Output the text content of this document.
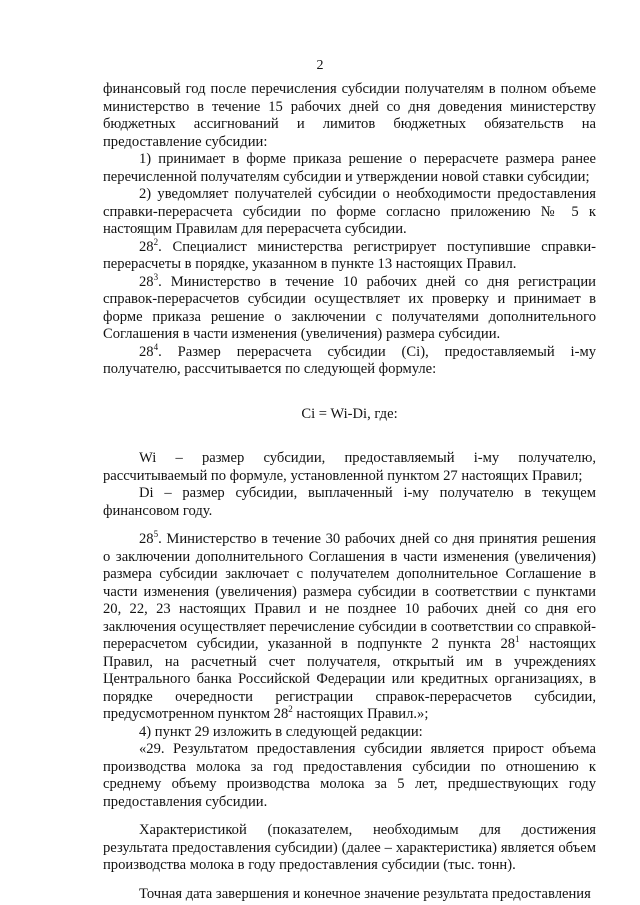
2

финансовый год после перечисления субсидии получателям в полном объеме министерство в течение 15 рабочих дней со дня доведения министерству бюджетных ассигнований и лимитов бюджетных обязательств на предоставление субсидии:

1) принимает в форме приказа решение о перерасчете размера ранее перечисленной получателям субсидии и утверждении новой ставки субсидии;

2) уведомляет получателей субсидии о необходимости предоставления справки-перерасчета субсидии по форме согласно приложению № 5 к настоящим Правилам для перерасчета субсидии.

$28^2$. Специалист министерства регистрирует поступившие справки-перерасчеты в порядке, указанном в пункте 13 настоящих Правил.

$28^3$. Министерство в течение 10 рабочих дней со дня регистрации справок-перерасчетов субсидии осуществляет их проверку и принимает в форме приказа решение о заключении с получателями дополнительного Соглашения в части изменения (увеличения) размера субсидии.

$28^4$. Размер перерасчета субсидии (Ci), предоставляемый i-му получателю, рассчитывается по следующей формуле:

Ci = Wi-Di, где:

Wi – размер субсидии, предоставляемый i-му получателю, рассчитываемый по формуле, установленной пунктом 27 настоящих Правил;

Di – размер субсидии, выплаченный i-му получателю в текущем финансовом году.

$28^5$. Министерство в течение 30 рабочих дней со дня принятия решения о заключении дополнительного Соглашения в части изменения (увеличения) размера субсидии заключает с получателем дополнительное Соглашение в части изменения (увеличения) размера субсидии в соответствии с пунктами 20, 22, 23 настоящих Правил и не позднее 10 рабочих дней со дня его заключения осуществляет перечисление субсидии в соответствии со справкой-перерасчетом субсидии, указанной в подпункте 2 пункта $28^1$ настоящих Правил, на расчетный счет получателя, открытый им в учреждениях Центрального банка Российской Федерации или кредитных организациях, в порядке очередности регистрации справок-перерасчетов субсидии, предусмотренном пунктом $28^2$ настоящих Правил.»;

4) пункт 29 изложить в следующей редакции:

«29. Результатом предоставления субсидии является прирост объема производства молока за год предоставления субсидии по отношению к среднему объему производства молока за 5 лет, предшествующих году предоставления субсидии.

Характеристикой (показателем, необходимым для достижения результата предоставления субсидии) (далее – характеристика) является объем производства молока в году предоставления субсидии (тыс. тонн).

Точная дата завершения и конечное значение результата предоставления
